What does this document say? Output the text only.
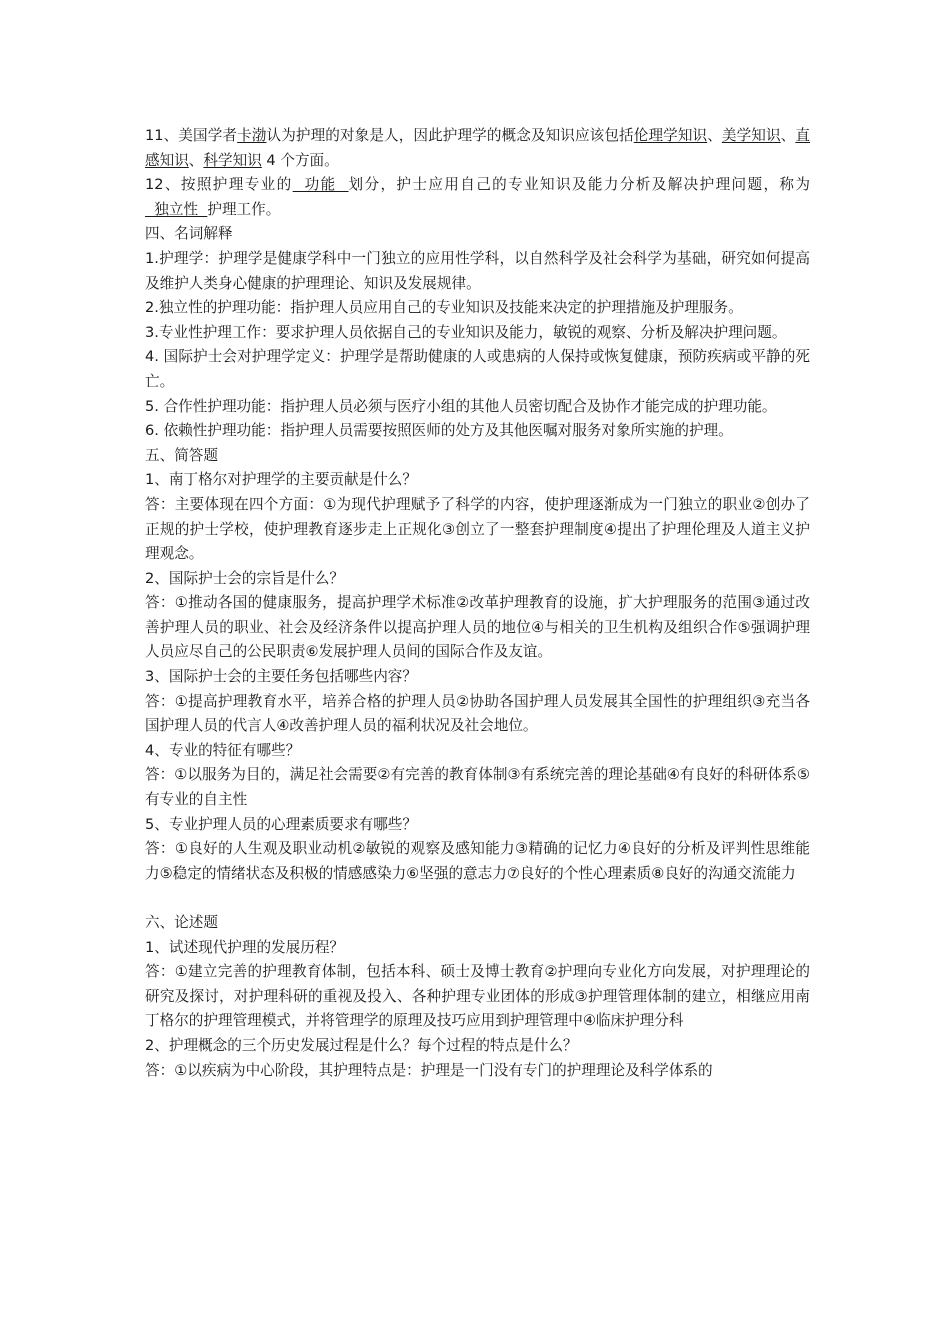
11、美国学者卡渤认为护理的对象是人，因此护理学的概念及知识应该包括伦理学知识、美学知识、直感知识、科学知识 4 个方面。

12、按照护理专业的  功能  划分，护士应用自己的专业知识及能力分析及解决护理问题，称为  独立性  护理工作。

四、名词解释

1.护理学：护理学是健康学科中一门独立的应用性学科，以自然科学及社会科学为基础，研究如何提高及维护人类身心健康的护理理论、知识及发展规律。

2.独立性的护理功能：指护理人员应用自己的专业知识及技能来决定的护理措施及护理服务。

3.专业性护理工作：要求护理人员依据自己的专业知识及能力，敏锐的观察、分析及解决护理问题。

4. 国际护士会对护理学定义：护理学是帮助健康的人或患病的人保持或恢复健康，预防疾病或平静的死亡。

5. 合作性护理功能：指护理人员必须与医疗小组的其他人员密切配合及协作才能完成的护理功能。

6. 依赖性护理功能：指护理人员需要按照医师的处方及其他医嘱对服务对象所实施的护理。

五、简答题

1、南丁格尔对护理学的主要贡献是什么？

答：主要体现在四个方面：①为现代护理赋予了科学的内容，使护理逐渐成为一门独立的职业②创办了正规的护士学校，使护理教育逐步走上正规化③创立了一整套护理制度④提出了护理伦理及人道主义护理观念。

2、国际护士会的宗旨是什么？

答：①推动各国的健康服务，提高护理学术标准②改革护理教育的设施，扩大护理服务的范围③通过改善护理人员的职业、社会及经济条件以提高护理人员的地位④与相关的卫生机构及组织合作⑤强调护理人员应尽自己的公民职责⑥发展护理人员间的国际合作及友谊。

3、国际护士会的主要任务包括哪些内容？

答：①提高护理教育水平，培养合格的护理人员②协助各国护理人员发展其全国性的护理组织③充当各国护理人员的代言人④改善护理人员的福利状况及社会地位。

4、专业的特征有哪些？

答：①以服务为目的，满足社会需要②有完善的教育体制③有系统完善的理论基础④有良好的科研体系⑤有专业的自主性

5、专业护理人员的心理素质要求有哪些？

答：①良好的人生观及职业动机②敏锐的观察及感知能力③精确的记忆力④良好的分析及评判性思维能力⑤稳定的情绪状态及积极的情感感染力⑥坚强的意志力⑦良好的个性心理素质⑧良好的沟通交流能力

六、论述题

1、试述现代护理的发展历程？

答：①建立完善的护理教育体制，包括本科、硕士及博士教育②护理向专业化方向发展，对护理理论的研究及探讨，对护理科研的重视及投入、各种护理专业团体的形成③护理管理体制的建立，相继应用南丁格尔的护理管理模式，并将管理学的原理及技巧应用到护理管理中④临床护理分科

2、护理概念的三个历史发展过程是什么？每个过程的特点是什么？

答：①以疾病为中心阶段，其护理特点是：护理是一门没有专门的护理理论及科学体系的
